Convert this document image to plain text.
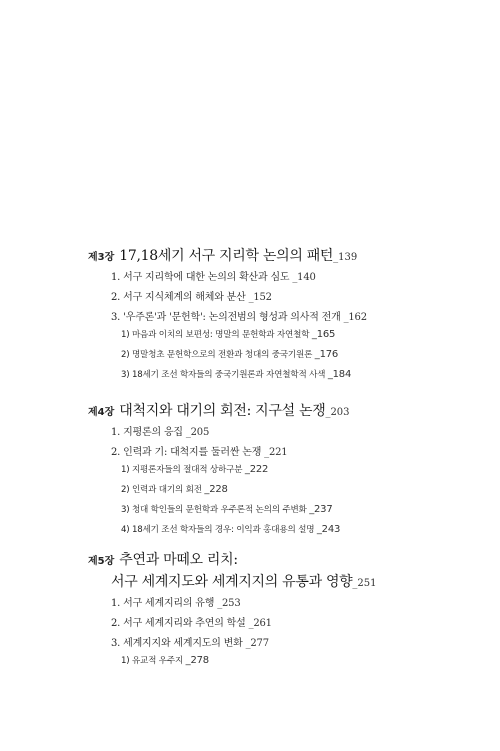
제3장 17,18세기 서구 지리학 논의의 패턴 _139
1. 서구 지리학에 대한 논의의 확산과 심도 _140
2. 서구 지식체계의 해체와 분산 _152
3. '우주론'과 '문헌학': 논의전범의 형성과 의사적 전개 _162
1) 마음과 이치의 보편성: 명말의 문헌학과 자연철학 _165
2) 명말청초 문헌학으로의 전환과 청대의 중국기원론 _176
3) 18세기 조선 학자들의 중국기원론과 자연철학적 사색 _184
제4장 대척지와 대기의 회전: 지구설 논쟁 _203
1. 지평론의 응집 _205
2. 인력과 기: 대척지를 둘러싼 논쟁 _221
1) 지평론자들의 절대적 상하구분 _222
2) 인력과 대기의 회전 _228
3) 청대 학인들의 문헌학과 우주론적 논의의 주변화 _237
4) 18세기 조선 학자들의 경우: 이익과 홍대용의 설명 _243
제5장 추연과 마떼오 리치:
서구 세계지도와 세계지지의 유통과 영향 _251
1. 서구 세계지리의 유행 _253
2. 서구 세계지리와 추연의 학설 _261
3. 세계지지와 세계지도의 변화 _277
1) 유교적 우주지 _278
